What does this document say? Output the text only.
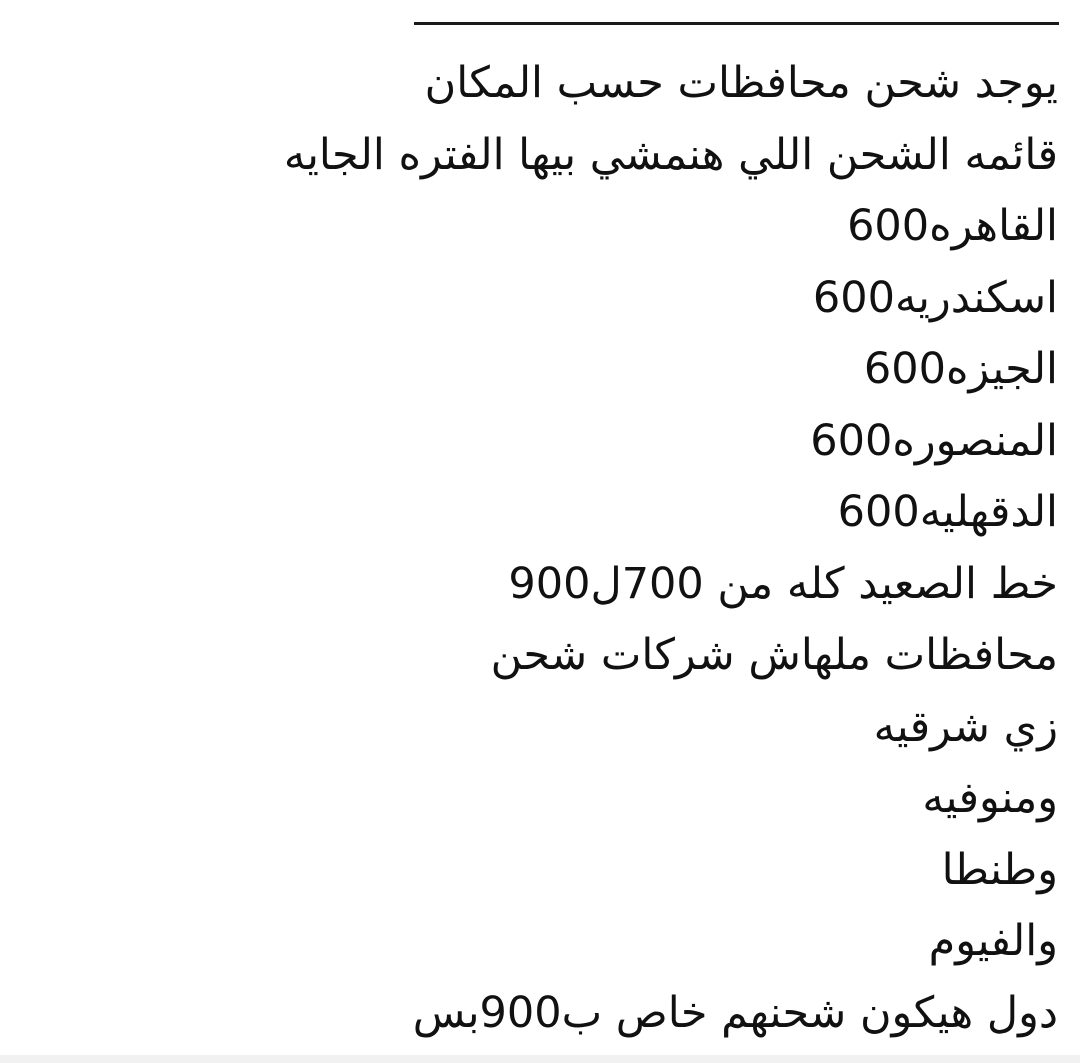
يوجد شحن محافظات حسب المكان
قائمه الشحن اللي هنمشي بيها الفتره الجايه
القاهره600
اسكندريه600
الجيزه600
المنصوره600
الدقهليه600
خط الصعيد كله من 700ل900
محافظات ملهاش شركات شحن
زي شرقيه
ومنوفيه
وطنطا
والفيوم
دول هيكون شحنهم خاص ب900بس
